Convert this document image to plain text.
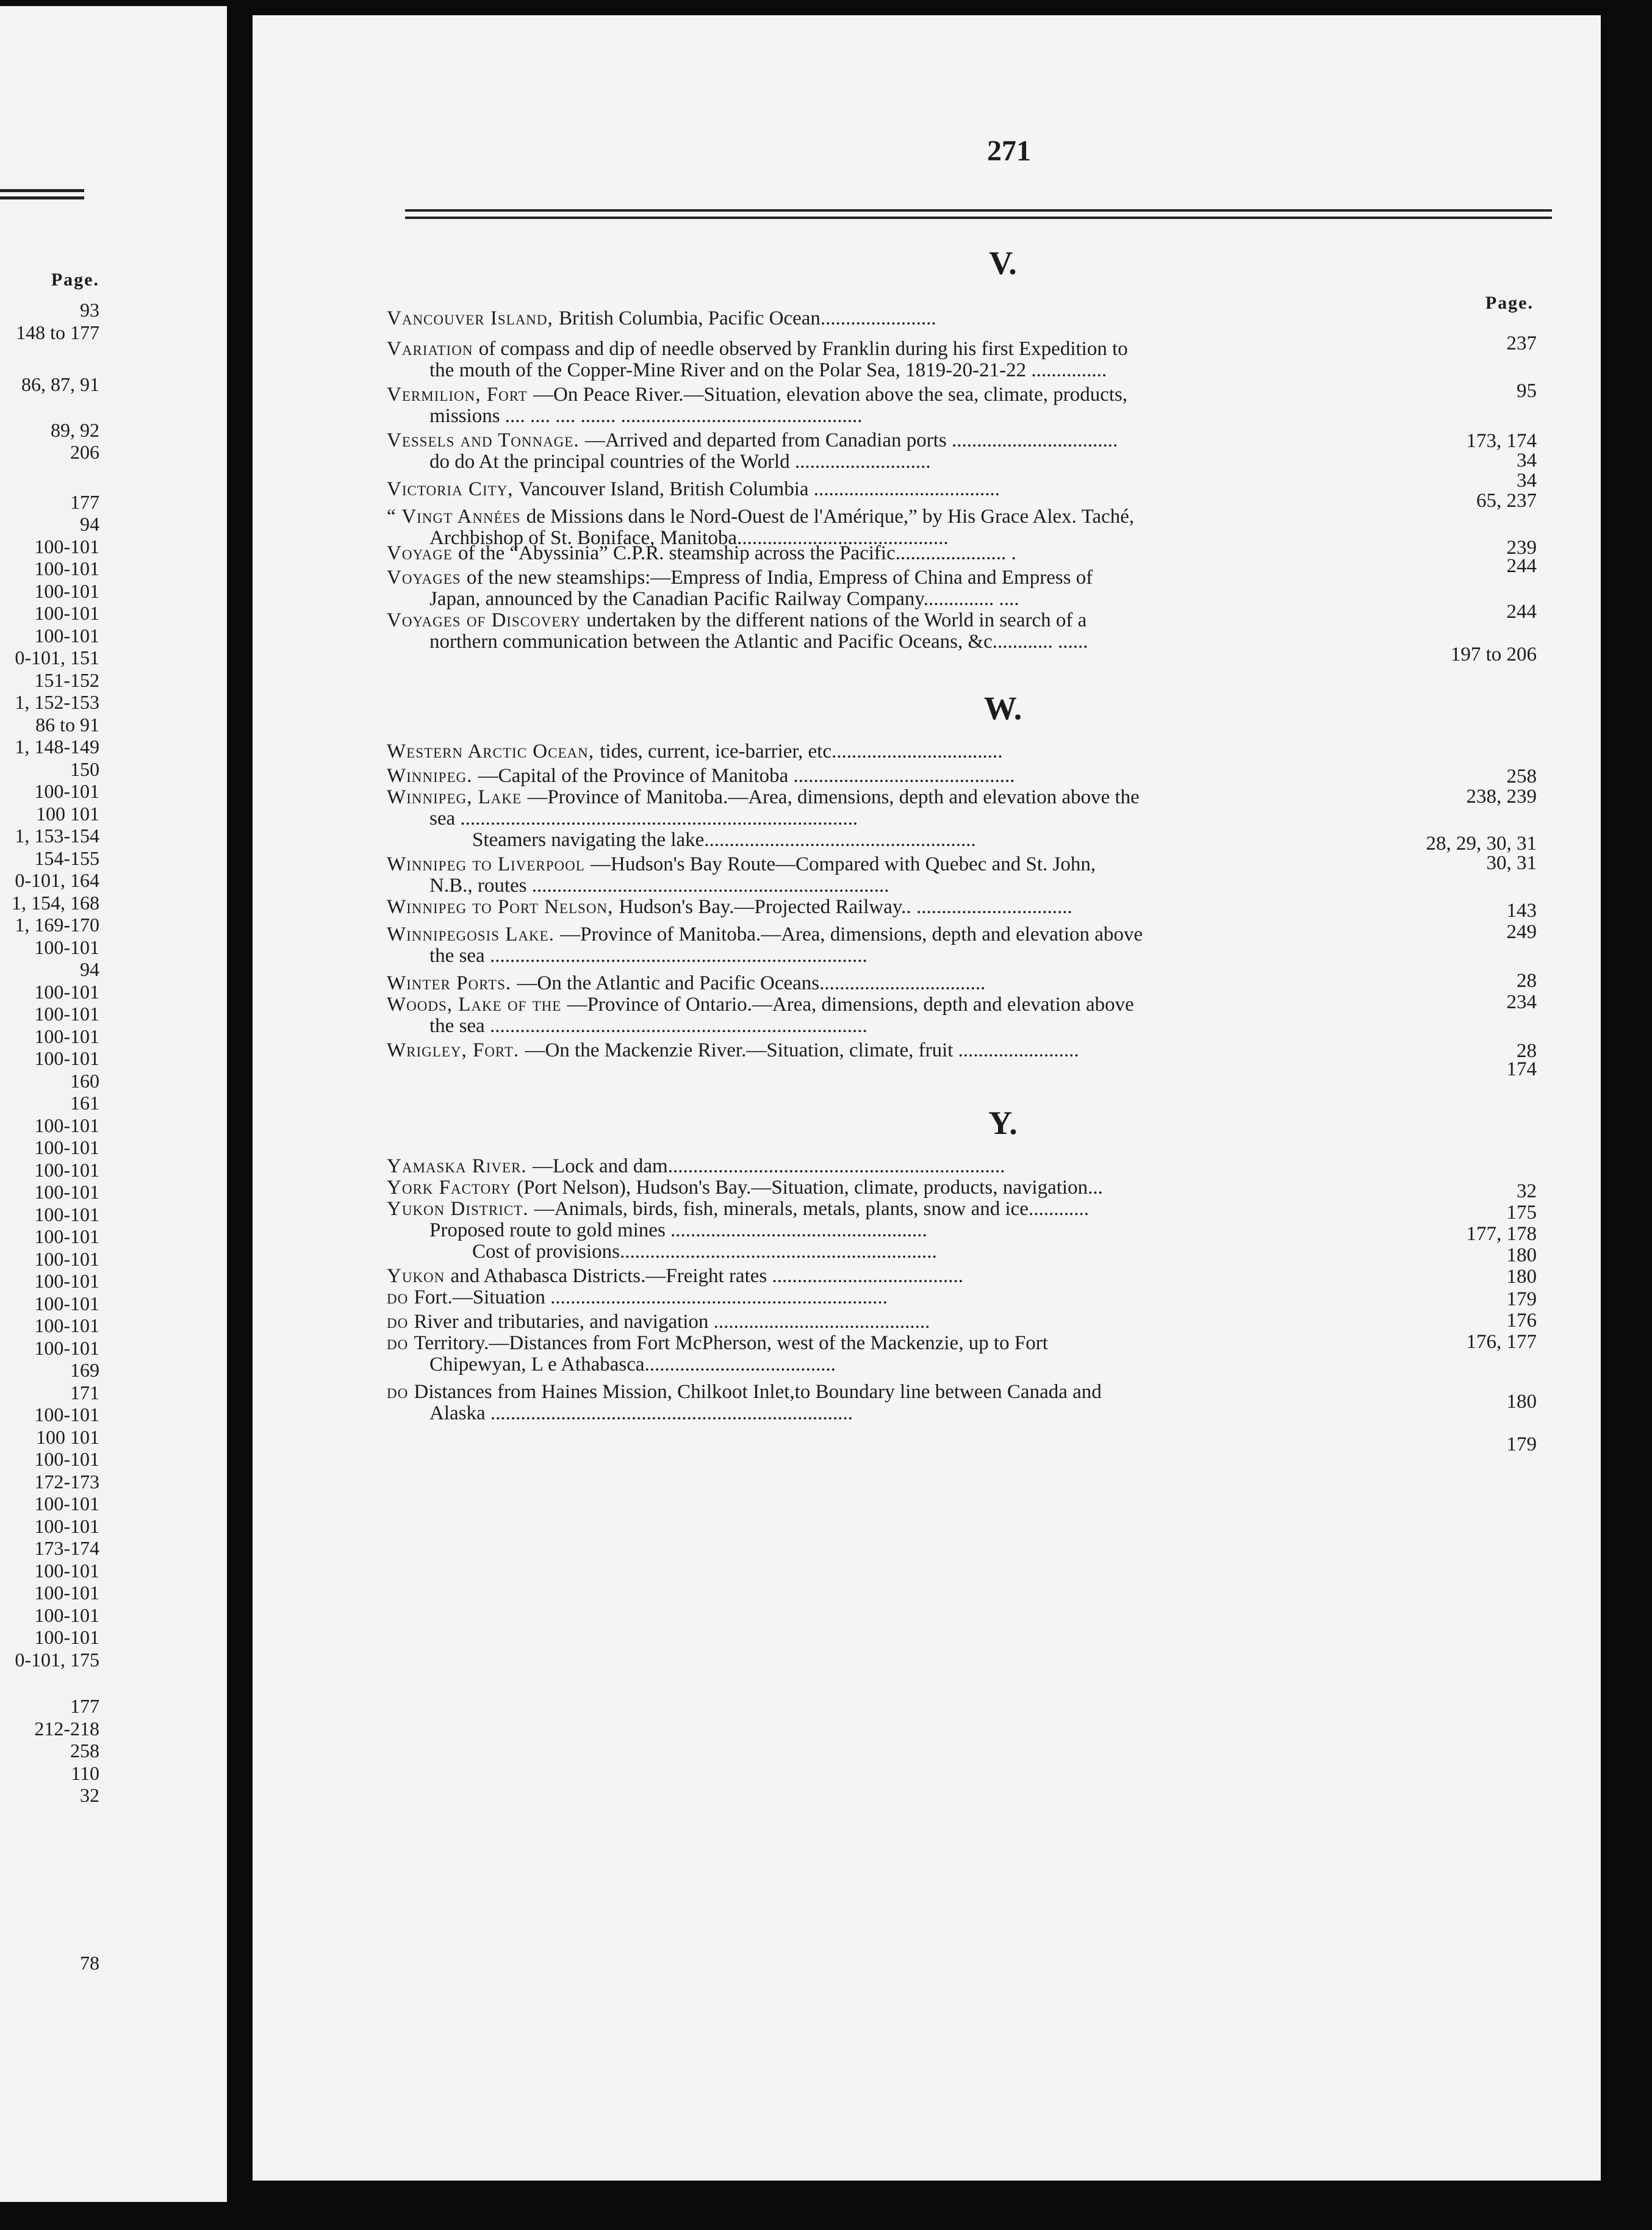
Page.
93
148 to 177
86, 87, 91
89, 92
206
177
94
100-101
100-101
100-101
100-101
100-101
0-101, 151
151-152
1, 152-153
86 to 91
1, 148-149
150
100-101
100 101
1, 153-154
154-155
0-101, 164
1, 154, 168
1, 169-170
100-101
94
100-101
100-101
100-101
100-101
160
161
100-101
100-101
100-101
100-101
100-101
100-101
100-101
100-101
100-101
100-101
100-101
169
171
100-101
100 101
100-101
172-173
100-101
100-101
173-174
100-101
100-101
100-101
100-101
0-101, 175
177
212-218
258
110
32
78
271
V.
Page.
Vancouver Island, British Columbia, Pacific Ocean.......................
Variation of compass and dip of needle observed by Franklin during his first Expedition to
the mouth of the Copper-Mine River and on the Polar Sea, 1819-20-21-22 ...............
Vermilion, Fort —On Peace River.—Situation, elevation above the sea, climate, products,
missions .... .... .... ....... ................................................
Vessels and Tonnage. —Arrived and departed from Canadian ports .................................
do do At the principal countries of the World ...........................
Victoria City, Vancouver Island, British Columbia .....................................
“ Vingt Années de Missions dans le Nord-Ouest de l'Amérique,” by His Grace Alex. Taché,
Archbishop of St. Boniface, Manitoba..........................................
Voyage of the “Abyssinia” C.P.R. steamship across the Pacific...................... .
Voyages of the new steamships:—Empress of India, Empress of China and Empress of
Japan, announced by the Canadian Pacific Railway Company.............. ....
Voyages of Discovery undertaken by the different nations of the World in search of a
northern communication between the Atlantic and Pacific Oceans, &c............ ......
237
95
173, 174
34
34
65, 237
239
244
244
197 to 206
W.
Western Arctic Ocean, tides, current, ice-barrier, etc..................................
Winnipeg. —Capital of the Province of Manitoba ............................................
Winnipeg, Lake —Province of Manitoba.—Area, dimensions, depth and elevation above the
sea ...............................................................................
Steamers navigating the lake......................................................
Winnipeg to Liverpool —Hudson's Bay Route—Compared with Quebec and St. John,
N.B., routes .......................................................................
Winnipeg to Port Nelson, Hudson's Bay.—Projected Railway.. ...............................
Winnipegosis Lake. —Province of Manitoba.—Area, dimensions, depth and elevation above
the sea ...........................................................................
Winter Ports. —On the Atlantic and Pacific Oceans.................................
Woods, Lake of the —Province of Ontario.—Area, dimensions, depth and elevation above
the sea ...........................................................................
Wrigley, Fort. —On the Mackenzie River.—Situation, climate, fruit ........................
258
238, 239
28, 29, 30, 31
30, 31
143
249
28
234
28
174
Y.
Yamaska River. —Lock and dam...................................................................
York Factory (Port Nelson), Hudson's Bay.—Situation, climate, products, navigation...
Yukon District. —Animals, birds, fish, minerals, metals, plants, snow and ice............
Proposed route to gold mines ...................................................
Cost of provisions...............................................................
Yukon and Athabasca Districts.—Freight rates ......................................
do Fort.—Situation ...................................................................
do River and tributaries, and navigation ...........................................
do Territory.—Distances from Fort McPherson, west of the Mackenzie, up to Fort
Chipewyan, L e Athabasca......................................
do Distances from Haines Mission, Chilkoot Inlet,to Boundary line between Canada and
Alaska ........................................................................
32
175
177, 178
180
180
179
176
176, 177
180
179
